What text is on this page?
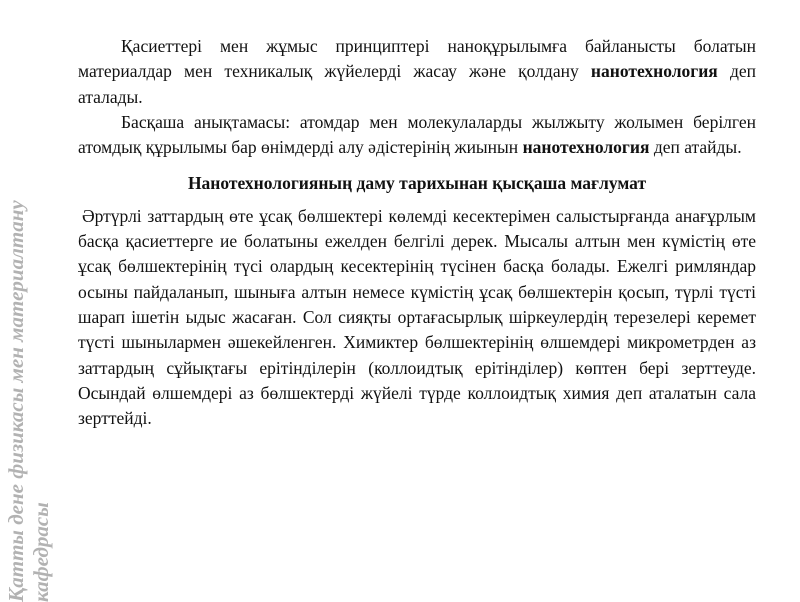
Қатты дене физикасы мен материалтану кафедрасы

Қасиеттері мен жұмыс принциптері наноқұрылымға байланысты болатын материалдар мен техникалық жүйелерді жасау және қолдану нанотехнология деп аталады.

Басқаша анықтамасы: атомдар мен молекулаларды жылжыту жолымен берілген атомдық құрылымы бар өнімдерді алу әдістерінің жиынын нанотехнология деп атайды.

Нанотехнологияның даму тарихынан қысқаша мағлумат

Әртүрлі заттардың өте ұсақ бөлшектері көлемді кесектерімен салыстырғанда анағұрлым басқа қасиеттерге ие болатыны ежелден белгілі дерек. Мысалы алтын мен күмістің өте ұсақ бөлшектерінің түсі олардың кесектерінің түсінен басқа болады. Ежелгі римляндар осыны пайдаланып, шыныға алтын немесе күмістің ұсақ бөлшектерін қосып, түрлі түсті шарап ішетін ыдыс жасаған. Сол сияқты ортағасырлық шіркеулердің терезелері керемет түсті шынылармен әшекейленген. Химиктер бөлшектерінің өлшемдері микрометрден аз заттардың сұйықтағы ерітінділерін (коллоидтық ерітінділер) көптен бері зерттеуде. Осындай өлшемдері аз бөлшектерді жүйелі түрде коллоидтық химия деп аталатын сала зерттейді.
